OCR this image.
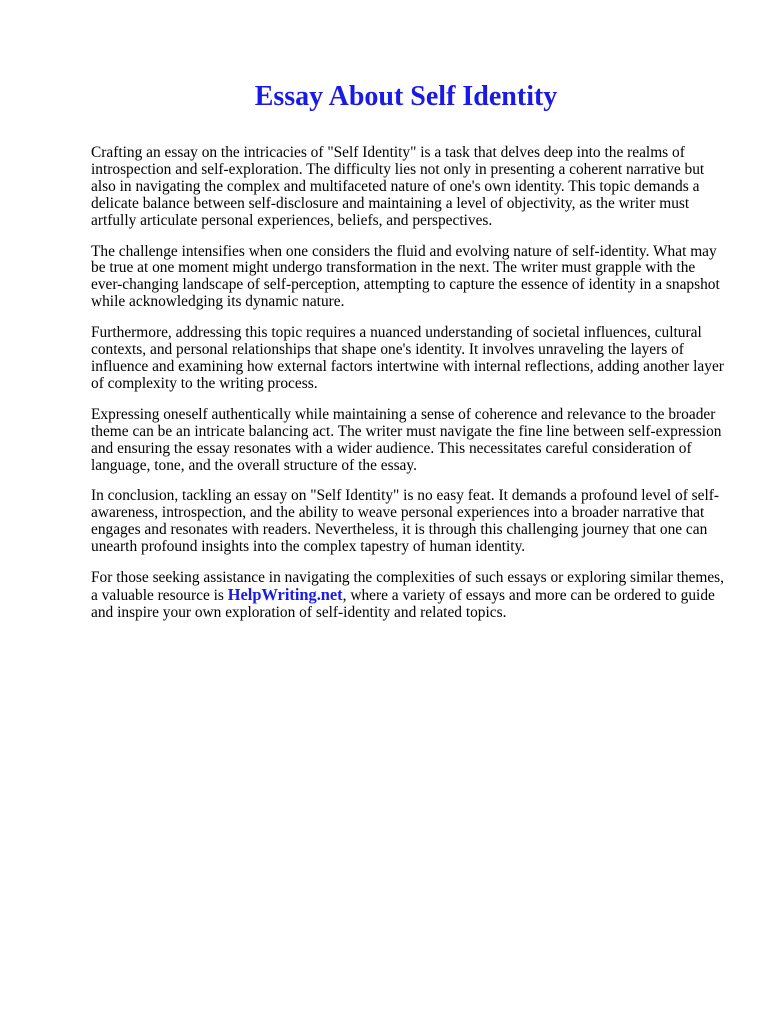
Essay About Self Identity

Crafting an essay on the intricacies of "Self Identity" is a task that delves deep into the realms of introspection and self-exploration. The difficulty lies not only in presenting a coherent narrative but also in navigating the complex and multifaceted nature of one's own identity. This topic demands a delicate balance between self-disclosure and maintaining a level of objectivity, as the writer must artfully articulate personal experiences, beliefs, and perspectives.

The challenge intensifies when one considers the fluid and evolving nature of self-identity. What may be true at one moment might undergo transformation in the next. The writer must grapple with the ever-changing landscape of self-perception, attempting to capture the essence of identity in a snapshot while acknowledging its dynamic nature.

Furthermore, addressing this topic requires a nuanced understanding of societal influences, cultural contexts, and personal relationships that shape one's identity. It involves unraveling the layers of influence and examining how external factors intertwine with internal reflections, adding another layer of complexity to the writing process.

Expressing oneself authentically while maintaining a sense of coherence and relevance to the broader theme can be an intricate balancing act. The writer must navigate the fine line between self-expression and ensuring the essay resonates with a wider audience. This necessitates careful consideration of language, tone, and the overall structure of the essay.

In conclusion, tackling an essay on "Self Identity" is no easy feat. It demands a profound level of self-awareness, introspection, and the ability to weave personal experiences into a broader narrative that engages and resonates with readers. Nevertheless, it is through this challenging journey that one can unearth profound insights into the complex tapestry of human identity.

For those seeking assistance in navigating the complexities of such essays or exploring similar themes, a valuable resource is HelpWriting.net, where a variety of essays and more can be ordered to guide and inspire your own exploration of self-identity and related topics.
